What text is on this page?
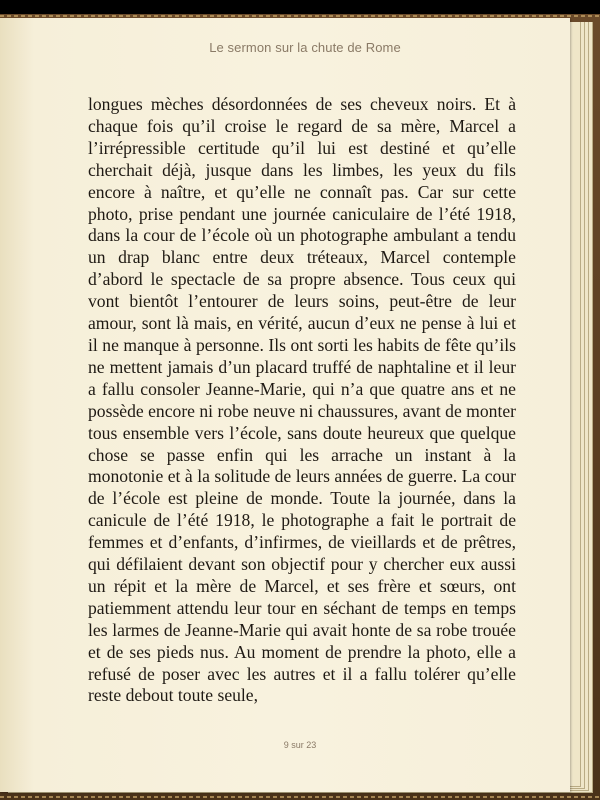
Le sermon sur la chute de Rome
longues mèches désordonnées de ses cheveux noirs. Et à chaque fois qu’il croise le regard de sa mère, Marcel a l’irrépressible certitude qu’il lui est destiné et qu’elle cherchait déjà, jusque dans les limbes, les yeux du fils encore à naître, et qu’elle ne connaît pas. Car sur cette photo, prise pendant une journée caniculaire de l’été 1918, dans la cour de l’école où un photographe ambulant a tendu un drap blanc entre deux tréteaux, Marcel contemple d’abord le spectacle de sa propre absence. Tous ceux qui vont bientôt l’entourer de leurs soins, peut-être de leur amour, sont là mais, en vérité, aucun d’eux ne pense à lui et il ne manque à personne. Ils ont sorti les habits de fête qu’ils ne mettent jamais d’un placard truffé de naphtaline et il leur a fallu consoler Jeanne-Marie, qui n’a que quatre ans et ne possède encore ni robe neuve ni chaussures, avant de monter tous ensemble vers l’école, sans doute heureux que quelque chose se passe enfin qui les arrache un instant à la monotonie et à la solitude de leurs années de guerre. La cour de l’école est pleine de monde. Toute la journée, dans la canicule de l’été 1918, le photographe a fait le portrait de femmes et d’enfants, d’infirmes, de vieillards et de prêtres, qui défilaient devant son objectif pour y chercher eux aussi un répit et la mère de Marcel, et ses frère et sœurs, ont patiemment attendu leur tour en séchant de temps en temps les larmes de Jeanne-Marie qui avait honte de sa robe trouée et de ses pieds nus. Au moment de prendre la photo, elle a refusé de poser avec les autres et il a fallu tolérer qu’elle reste debout toute seule,
9 sur 23
